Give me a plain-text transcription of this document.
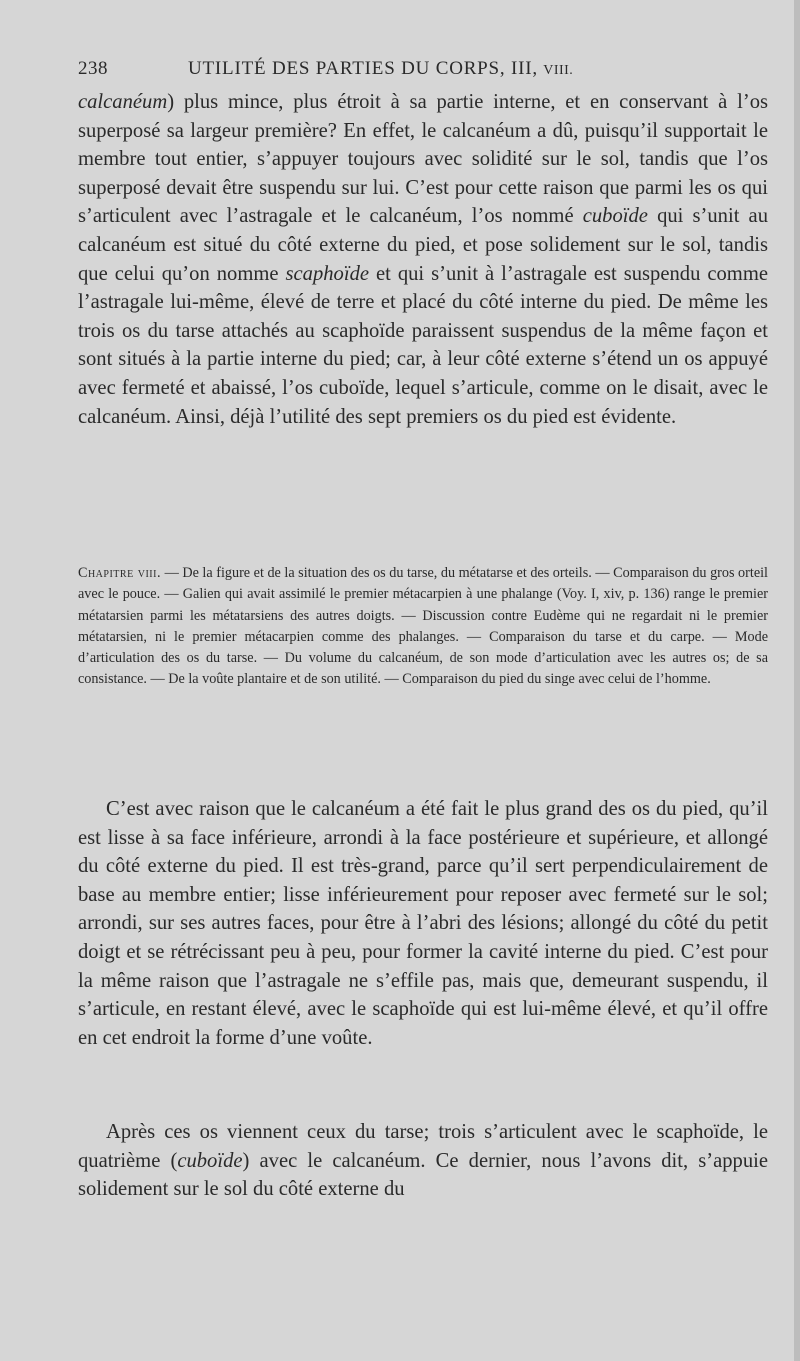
238	UTILITÉ DES PARTIES DU CORPS, III, VIII.

calcanéum) plus mince, plus étroit à sa partie interne, et en conservant à l’os superposé sa largeur première? En effet, le calcanéum a dû, puisqu’il supportait le membre tout entier, s’appuyer toujours avec solidité sur le sol, tandis que l’os superposé devait être suspendu sur lui. C’est pour cette raison que parmi les os qui s’articulent avec l’astragale et le calcanéum, l’os nommé cuboïde qui s’unit au calcanéum est situé du côté externe du pied, et pose solidement sur le sol, tandis que celui qu’on nomme scaphoïde et qui s’unit à l’astragale est suspendu comme l’astragale lui-même, élevé de terre et placé du côté interne du pied. De même les trois os du tarse attachés au scaphoïde paraissent suspendus de la même façon et sont situés à la partie interne du pied; car, à leur côté externe s’étend un os appuyé avec fermeté et abaissé, l’os cuboïde, lequel s’articule, comme on le disait, avec le calcanéum. Ainsi, déjà l’utilité des sept premiers os du pied est évidente.

Chapitre viii. — De la figure et de la situation des os du tarse, du métatarse et des orteils. — Comparaison du gros orteil avec le pouce. — Galien qui avait assimilé le premier métacarpien à une phalange (Voy. I, xiv, p. 136) range le premier métatarsien parmi les métatarsiens des autres doigts. — Discussion contre Eudème qui ne regardait ni le premier métatarsien, ni le premier métacarpien comme des phalanges. — Comparaison du tarse et du carpe. — Mode d’articulation des os du tarse. — Du volume du calcanéum, de son mode d’articulation avec les autres os; de sa consistance. — De la voûte plantaire et de son utilité. — Comparaison du pied du singe avec celui de l’homme.

C’est avec raison que le calcanéum a été fait le plus grand des os du pied, qu’il est lisse à sa face inférieure, arrondi à la face postérieure et supérieure, et allongé du côté externe du pied. Il est très-grand, parce qu’il sert perpendiculairement de base au membre entier; lisse inférieurement pour reposer avec fermeté sur le sol; arrondi, sur ses autres faces, pour être à l’abri des lésions; allongé du côté du petit doigt et se rétrécissant peu à peu, pour former la cavité interne du pied. C’est pour la même raison que l’astragale ne s’effile pas, mais que, demeurant suspendu, il s’articule, en restant élevé, avec le scaphoïde qui est lui-même élevé, et qu’il offre en cet endroit la forme d’une voûte.

Après ces os viennent ceux du tarse; trois s’articulent avec le scaphoïde, le quatrième (cuboïde) avec le calcanéum. Ce dernier, nous l’avons dit, s’appuie solidement sur le sol du côté externe du
